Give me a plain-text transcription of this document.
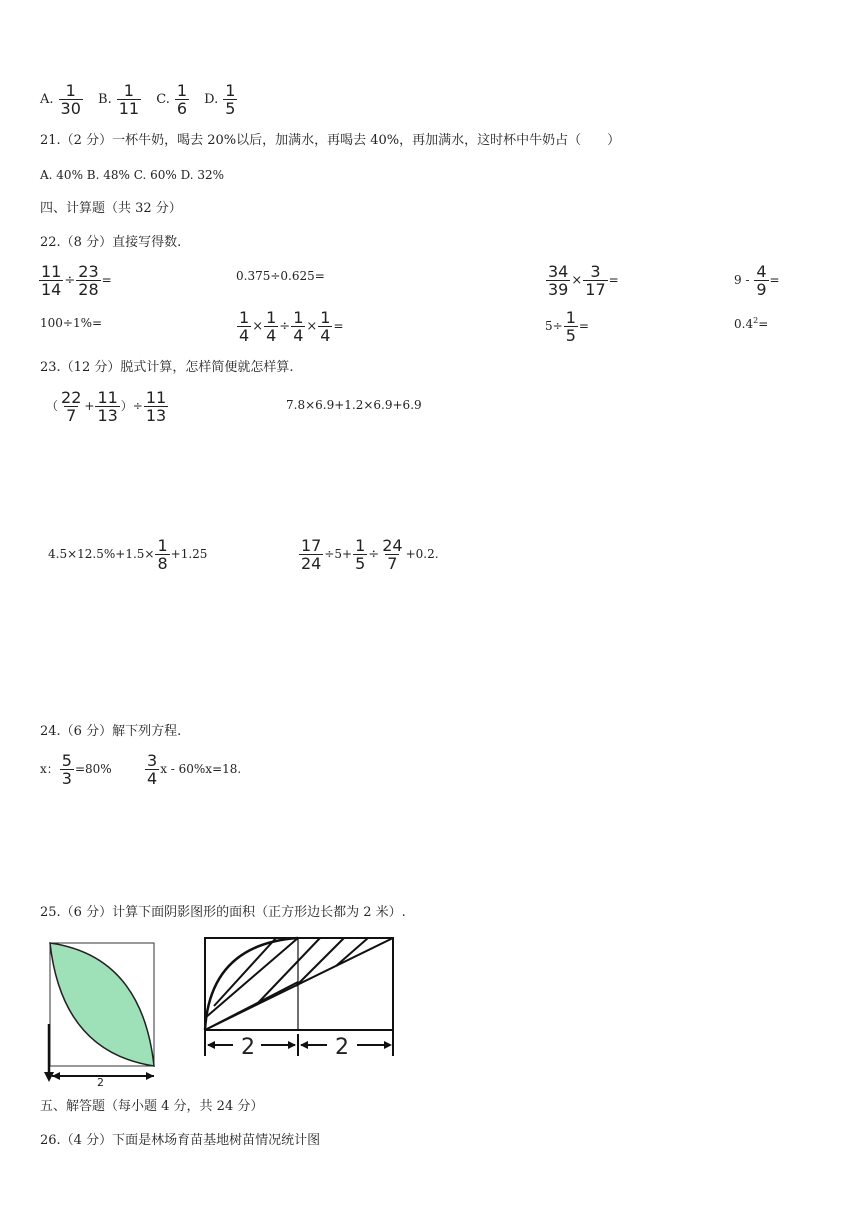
A. $\frac{1}{30}$
B. $\frac{1}{11}$
C. $\frac{1}{6}$
D. $\frac{1}{5}$
21.（2 分）一杯牛奶，喝去 20%以后，加满水，再喝去 40%，再加满水，这时杯中牛奶占（　　）
A. 40% B. 48% C. 60% D. 32%
四、计算题（共 32 分）
22.（8 分）直接写得数.
$\frac{11}{14} \div \frac{23}{28}$ =	0.375÷0.625=	$\frac{34}{39} \times \frac{3}{17}$ =	$9 - \frac{4}{9}$ =
100÷1%=	$\frac{1}{4} \times \frac{1}{4} \div \frac{1}{4} \times \frac{1}{4}$ =	$5\div \frac{1}{5}$ =	$0.4^2=$
23.（12 分）脱式计算，怎样简便就怎样算.
（ $\frac{22}{7} + \frac{11}{13}$ ）÷ $\frac{11}{13}$	7.8×6.9+1.2×6.9+6.9
$4.5\times 12.5\%+1.5\times \frac{1}{8} +1.25$	$\frac{17}{24} \div 5+ \frac{1}{5} \div \frac{24}{7} +0.2$.
24.（6 分）解下列方程.
x： $\frac{5}{3} =80\% \frac{3}{4}$ x - 60%x=18.
25.（6 分）计算下面阴影图形的面积（正方形边长都为 2 米）.
2
2	2
五、解答题（每小题 4 分，共 24 分）
26.（4 分）下面是林场育苗基地树苗情况统计图
